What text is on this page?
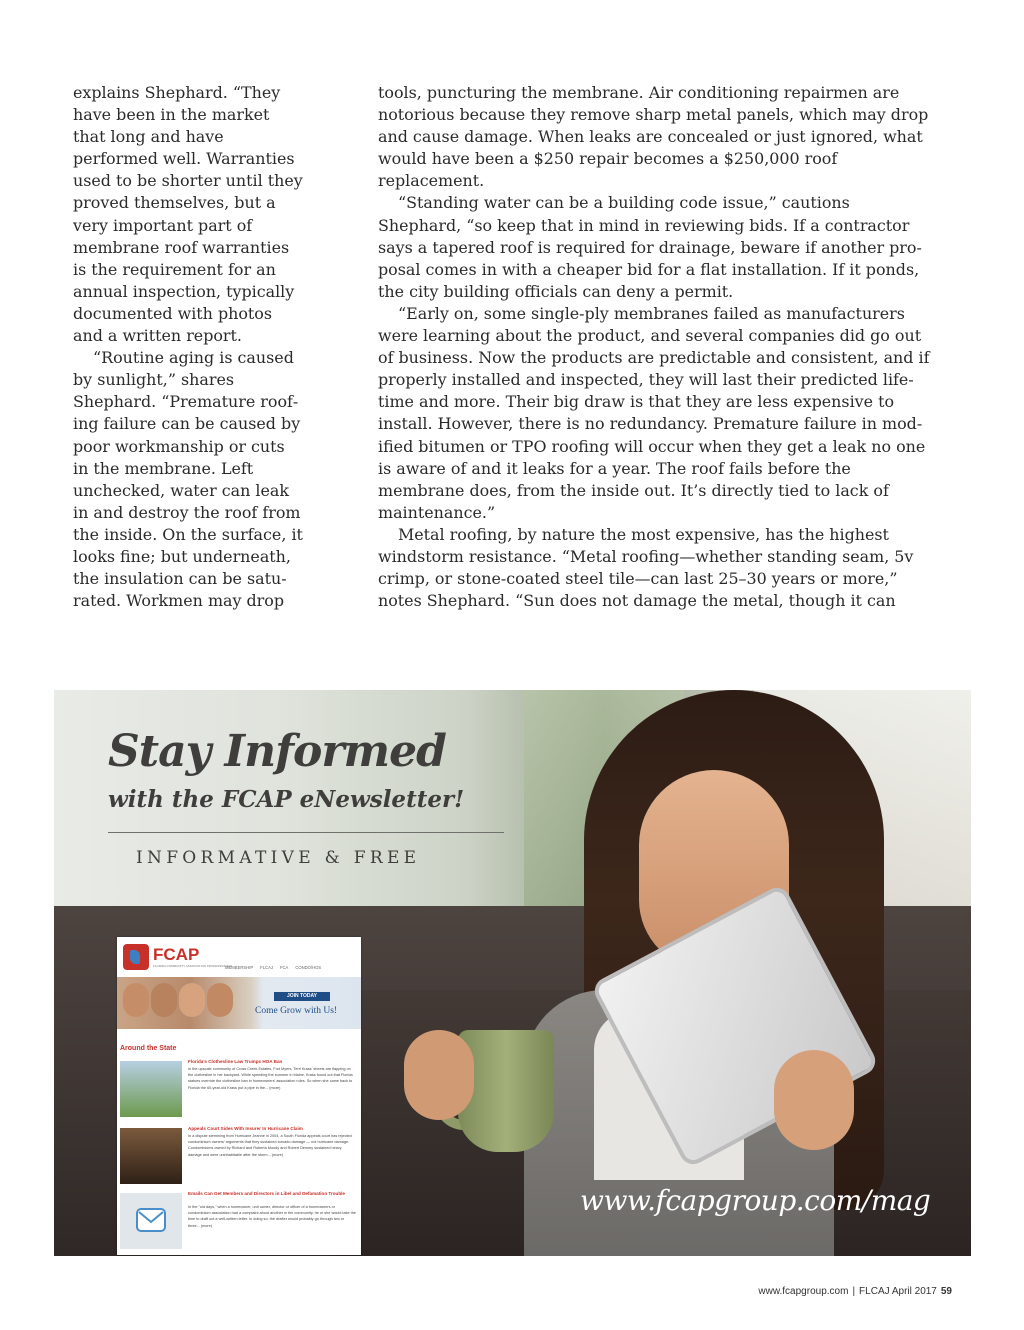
explains Shephard. “They have been in the market that long and have performed well. Warranties used to be shorter until they proved themselves, but a very important part of membrane roof warranties is the requirement for an annual inspection, typically documented with photos and a written report.

“Routine aging is caused by sunlight,” shares Shephard. “Premature roofing failure can be caused by poor workmanship or cuts in the membrane. Left unchecked, water can leak in and destroy the roof from the inside. On the surface, it looks fine; but underneath, the insulation can be saturated. Workmen may drop

tools, puncturing the membrane. Air conditioning repairmen are notorious because they remove sharp metal panels, which may drop and cause damage. When leaks are concealed or just ignored, what would have been a $250 repair becomes a $250,000 roof replacement.

“Standing water can be a building code issue,” cautions Shephard, “so keep that in mind in reviewing bids. If a contractor says a tapered roof is required for drainage, beware if another proposal comes in with a cheaper bid for a flat installation. If it ponds, the city building officials can deny a permit.

“Early on, some single-ply membranes failed as manufacturers were learning about the product, and several companies did go out of business. Now the products are predictable and consistent, and if properly installed and inspected, they will last their predicted lifetime and more. Their big draw is that they are less expensive to install. However, there is no redundancy. Premature failure in modified bitumen or TPO roofing will occur when they get a leak no one is aware of and it leaks for a year. The roof fails before the membrane does, from the inside out. It’s directly tied to lack of maintenance.”

Metal roofing, by nature the most expensive, has the highest windstorm resistance. “Metal roofing—whether standing seam, 5v crimp, or stone-coated steel tile—can last 25–30 years or more,” notes Shephard. “Sun does not damage the metal, though it can

Stay Informed
with the FCAP eNewsletter!
INFORMATIVE & FREE
www.fcapgroup.com/mag
FCAP
FLORIDA COMMUNITY ASSOCIATION PROFESSIONALS
MEMBERSHIP FLCAJ FCA CONDO/HOS
JOIN TODAY
Come Grow with Us!
Around the State
Florida's Clothesline Law Trumps HOA Ban
In the upscale community of Cross Creek Estates, Fort Myers, Terri Krass' sheets are flapping on the clothesline in her backyard. While spending the summer in Maine, Krass found out that Florida statues override the clothesline ban in homeowners' association rules. So when she came back to Florida the 60-year-old Krass put a pipe in the... (more)
Appeals Court Sides With Insurer In Hurricane Claim
In a dispute stemming from Hurricane Jeanne in 2004, a South Florida appeals court has rejected condominium owners' arguments that they sustained tornado damage — not hurricane damage. Condominiums owned by Richard and Roberta Moody and Robert Denney sustained heavy damage and were uninhabitable after the storm... (more)
Emails Can Get Members and Directors in Libel and Defamation Trouble
In the "old days," when a homeowner, unit owner, director or officer of a homeowners or condominium association had a complaint about another in the community, he or she would take the time to draft out a well-written letter. In doing so, the drafter would probably go through two or three... (more)
www.fcapgroup.com | FLCAJ April 2017 59
